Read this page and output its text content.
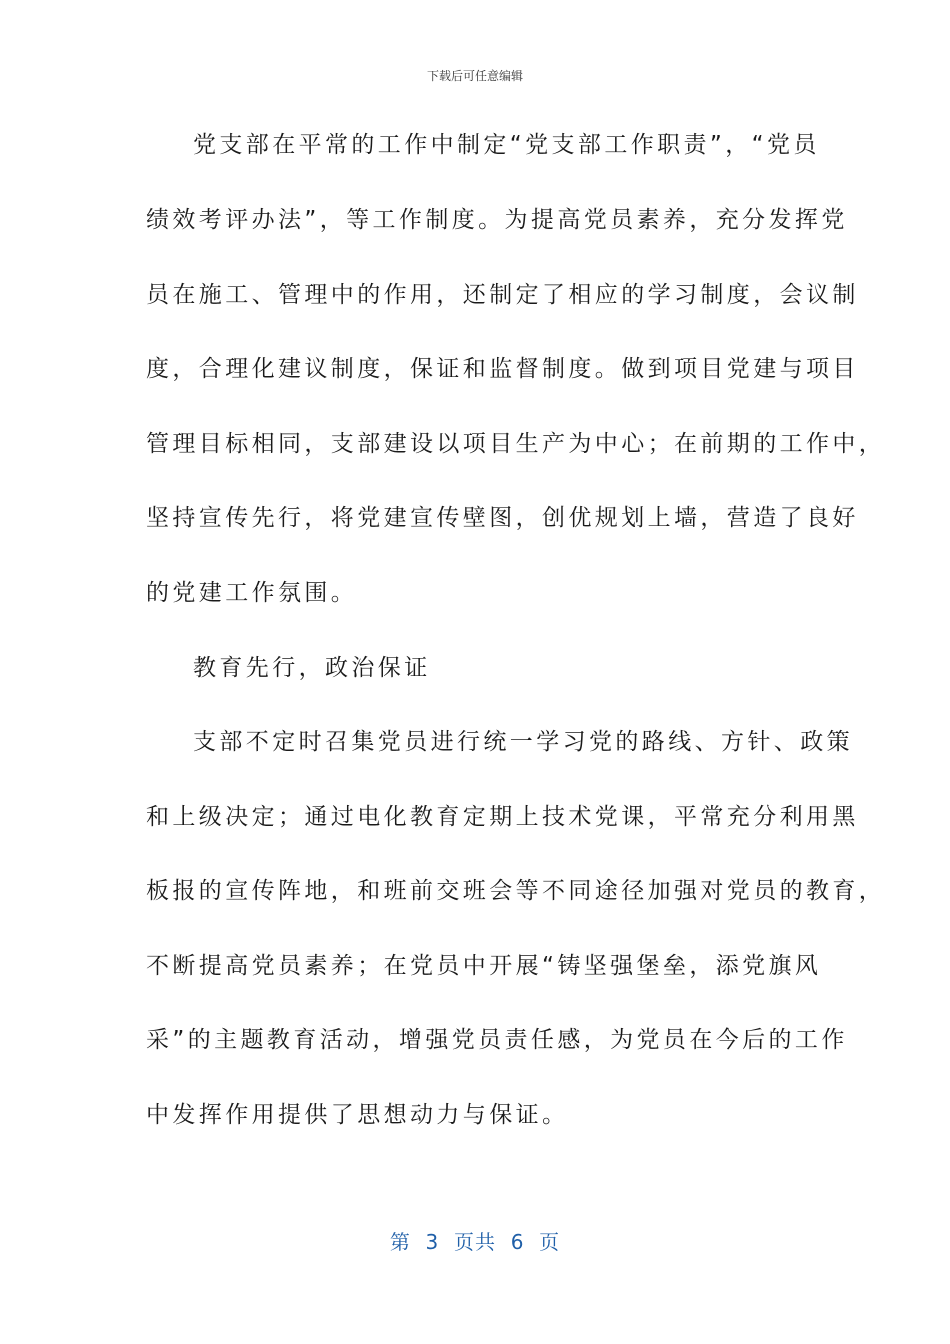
下载后可任意编辑
党支部在平常的工作中制定“党支部工作职责”，“党员
绩效考评办法”，等工作制度。为提高党员素养，充分发挥党
员在施工、管理中的作用，还制定了相应的学习制度，会议制
度，合理化建议制度，保证和监督制度。做到项目党建与项目
管理目标相同，支部建设以项目生产为中心；在前期的工作中，
坚持宣传先行，将党建宣传壁图，创优规划上墙，营造了良好
的党建工作氛围。
教育先行，政治保证
支部不定时召集党员进行统一学习党的路线、方针、政策
和上级决定；通过电化教育定期上技术党课，平常充分利用黑
板报的宣传阵地，和班前交班会等不同途径加强对党员的教育，
不断提高党员素养；在党员中开展“铸坚强堡垒，添党旗风
采”的主题教育活动，增强党员责任感，为党员在今后的工作
中发挥作用提供了思想动力与保证。
第  3  页共  6  页
